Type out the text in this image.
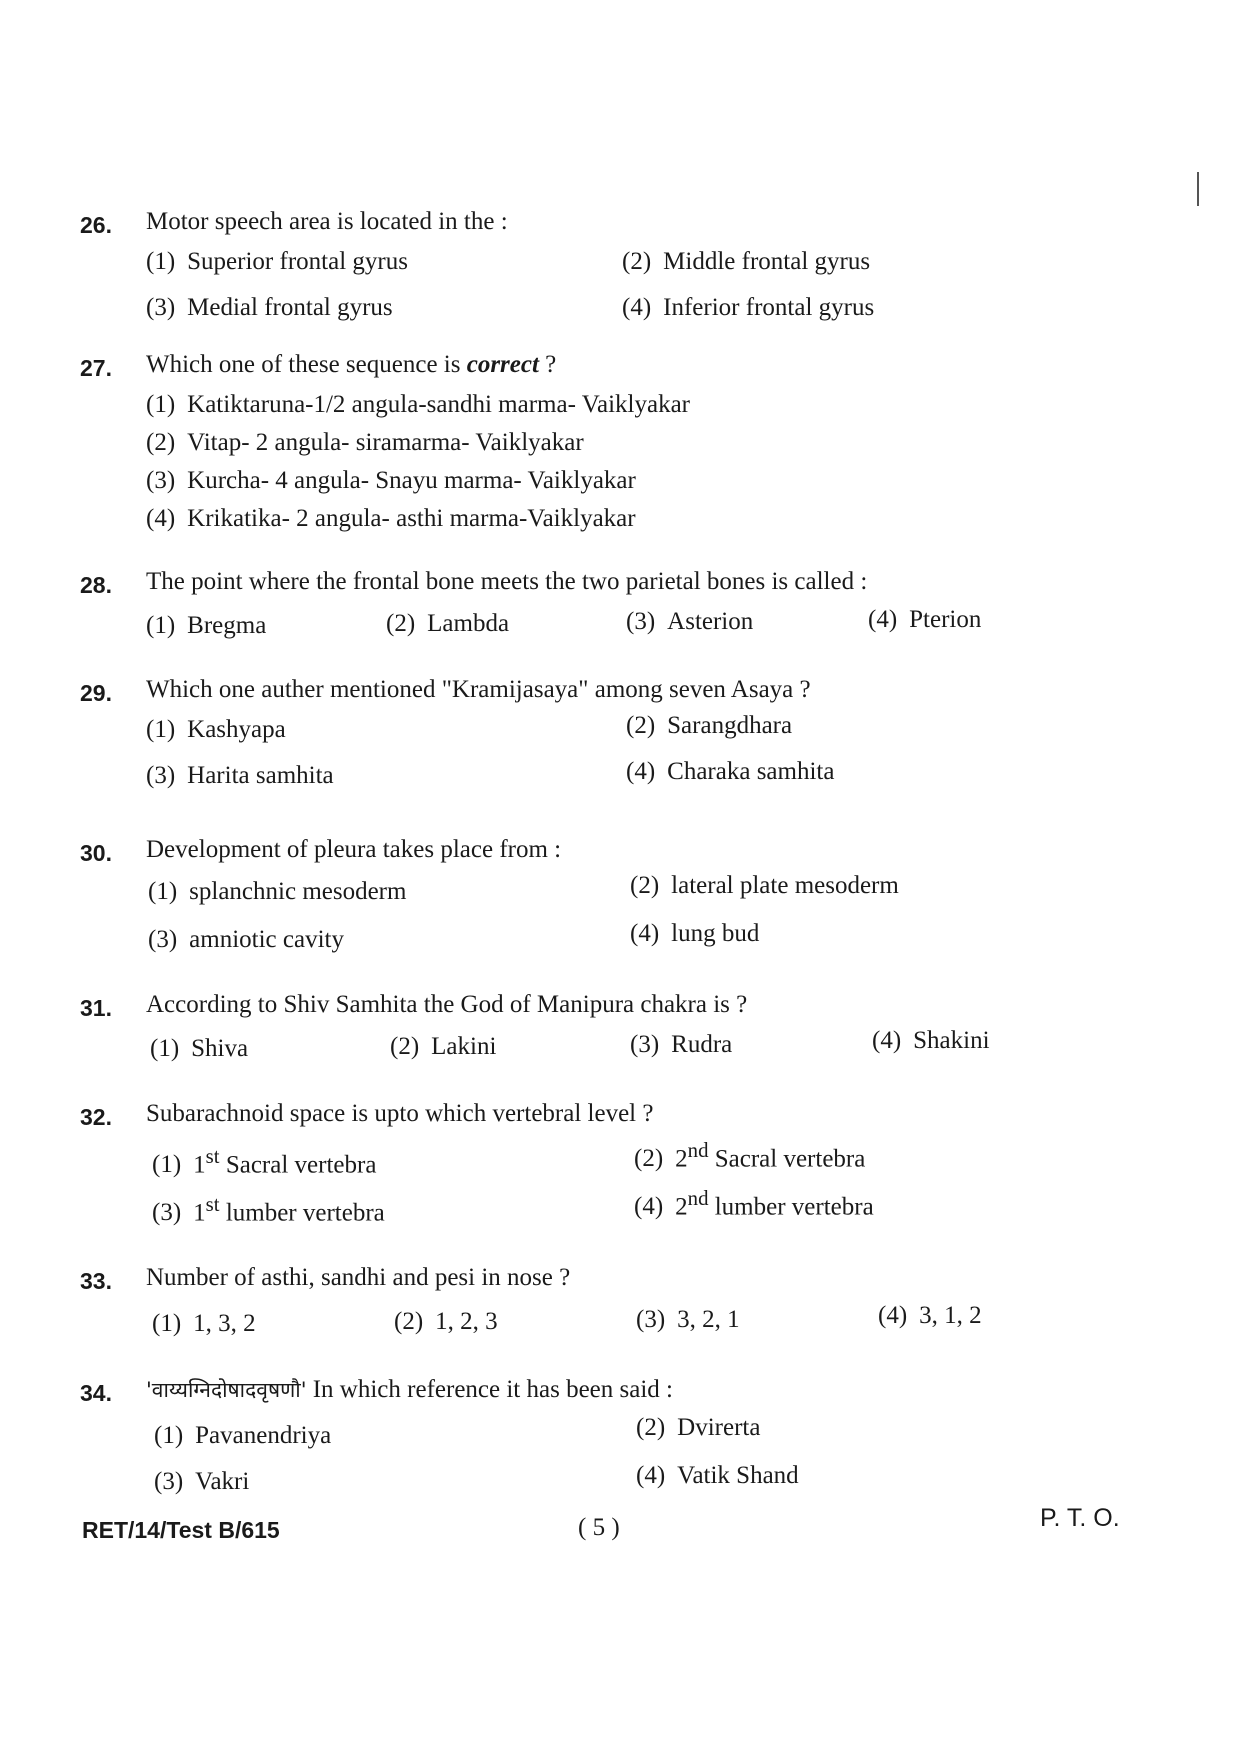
26. Motor speech area is located in the :
(1) Superior frontal gyrus	(2) Middle frontal gyrus
(3) Medial frontal gyrus	(4) Inferior frontal gyrus
27. Which one of these sequence is correct ?
(1) Katiktaruna-1/2 angula-sandhi marma- Vaiklyakar
(2) Vitap- 2 angula- siramarma- Vaiklyakar
(3) Kurcha- 4 angula- Snayu marma- Vaiklyakar
(4) Krikatika- 2 angula- asthi marma-Vaiklyakar
28. The point where the frontal bone meets the two parietal bones is called :
(1) Bregma	(2) Lambda	(3) Asterion	(4) Pterion
29. Which one auther mentioned "Kramijasaya" among seven Asaya ?
(1) Kashyapa	(2) Sarangdhara
(3) Harita samhita	(4) Charaka samhita
30. Development of pleura takes place from :
(1) splanchnic mesoderm	(2) lateral plate mesoderm
(3) amniotic cavity	(4) lung bud
31. According to Shiv Samhita the God of Manipura chakra is ?
(1) Shiva	(2) Lakini	(3) Rudra	(4) Shakini
32. Subarachnoid space is upto which vertebral level ?
(1) 1st Sacral vertebra	(2) 2nd Sacral vertebra
(3) 1st lumber vertebra	(4) 2nd lumber vertebra
33. Number of asthi, sandhi and pesi in nose ?
(1) 1, 3, 2	(2) 1, 2, 3	(3) 3, 2, 1	(4) 3, 1, 2
34. 'वाय्यग्निदोषादवृषणौ' In which reference it has been said :
(1) Pavanendriya	(2) Dvirerta
(3) Vakri	(4) Vatik Shand
RET/14/Test B/615	( 5 )	P. T. O.
